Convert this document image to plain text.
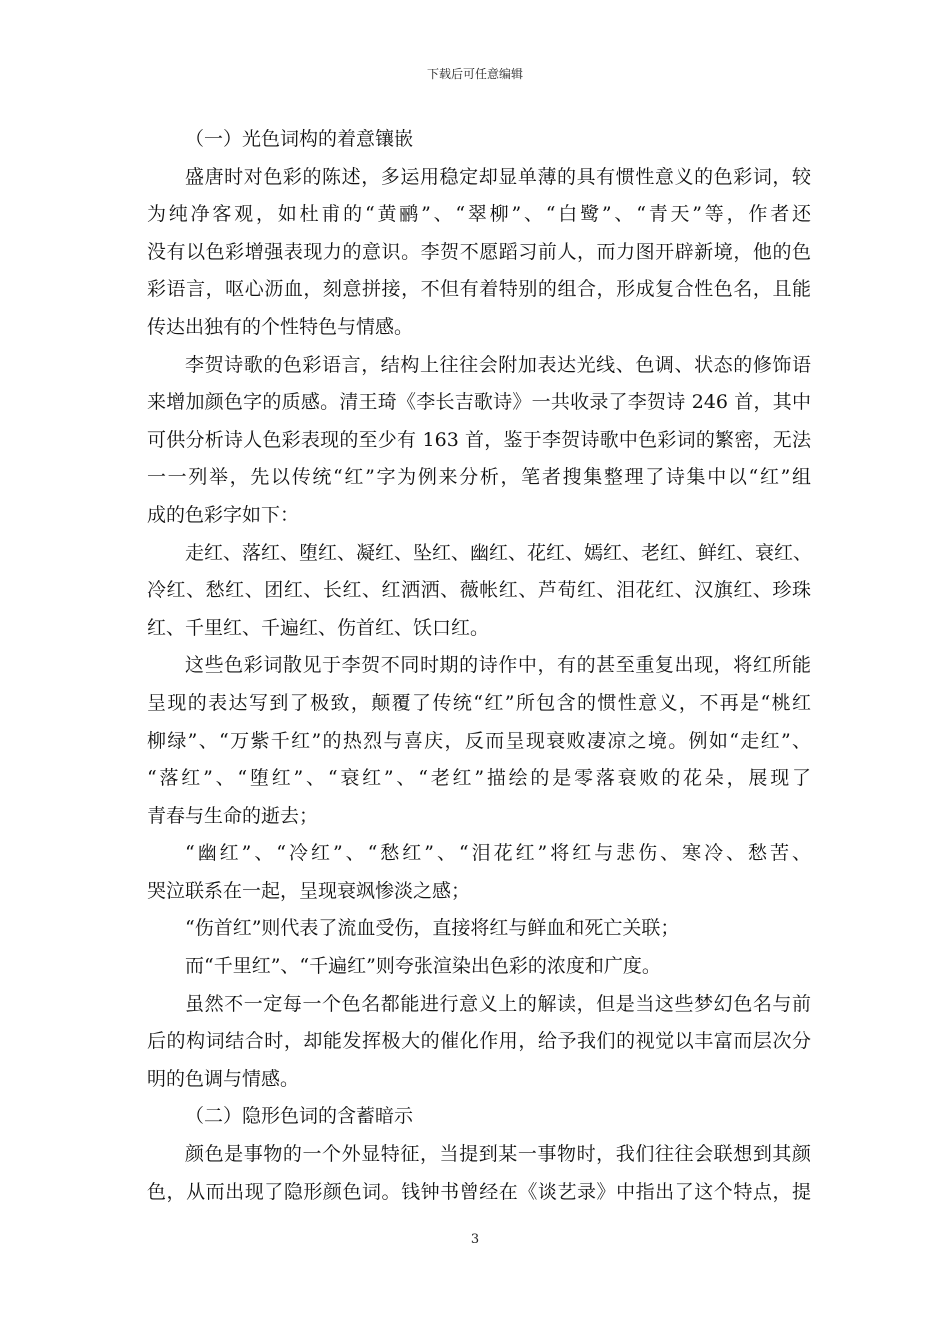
下载后可任意编辑
（一）光色词构的着意镶嵌
盛唐时对色彩的陈述，多运用稳定却显单薄的具有惯性意义的色彩词，较
为纯净客观，如杜甫的“黄鹂”、“翠柳”、“白鹭”、“青天”等，作者还
没有以色彩增强表现力的意识。李贺不愿蹈习前人，而力图开辟新境，他的色
彩语言，呕心沥血，刻意拼接，不但有着特别的组合，形成复合性色名，且能
传达出独有的个性特色与情感。
李贺诗歌的色彩语言，结构上往往会附加表达光线、色调、状态的修饰语
来增加颜色字的质感。清王琦《李长吉歌诗》一共收录了李贺诗 246 首，其中
可供分析诗人色彩表现的至少有 163 首，鉴于李贺诗歌中色彩词的繁密，无法
一一列举，先以传统“红”字为例来分析，笔者搜集整理了诗集中以“红”组
成的色彩字如下：
走红、落红、堕红、凝红、坠红、幽红、花红、嫣红、老红、鲜红、衰红、
冷红、愁红、团红、长红、红洒洒、薇帐红、芦荀红、泪花红、汉旗红、珍珠
红、千里红、千遍红、伤首红、饫口红。
这些色彩词散见于李贺不同时期的诗作中，有的甚至重复出现，将红所能
呈现的表达写到了极致，颠覆了传统“红”所包含的惯性意义，不再是“桃红
柳绿”、“万紫千红”的热烈与喜庆，反而呈现衰败凄凉之境。例如“走红”、
“落红”、“堕红”、“衰红”、“老红”描绘的是零落衰败的花朵，展现了
青春与生命的逝去；
“幽红”、“冷红”、“愁红”、“泪花红”将红与悲伤、寒冷、愁苦、
哭泣联系在一起，呈现衰飒惨淡之感；
“伤首红”则代表了流血受伤，直接将红与鲜血和死亡关联；
而“千里红”、“千遍红”则夸张渲染出色彩的浓度和广度。
虽然不一定每一个色名都能进行意义上的解读，但是当这些梦幻色名与前
后的构词结合时，却能发挥极大的催化作用，给予我们的视觉以丰富而层次分
明的色调与情感。
（二）隐形色词的含蓄暗示
颜色是事物的一个外显特征，当提到某一事物时，我们往往会联想到其颜
色，从而出现了隐形颜色词。钱钟书曾经在《谈艺录》中指出了这个特点，提
3
